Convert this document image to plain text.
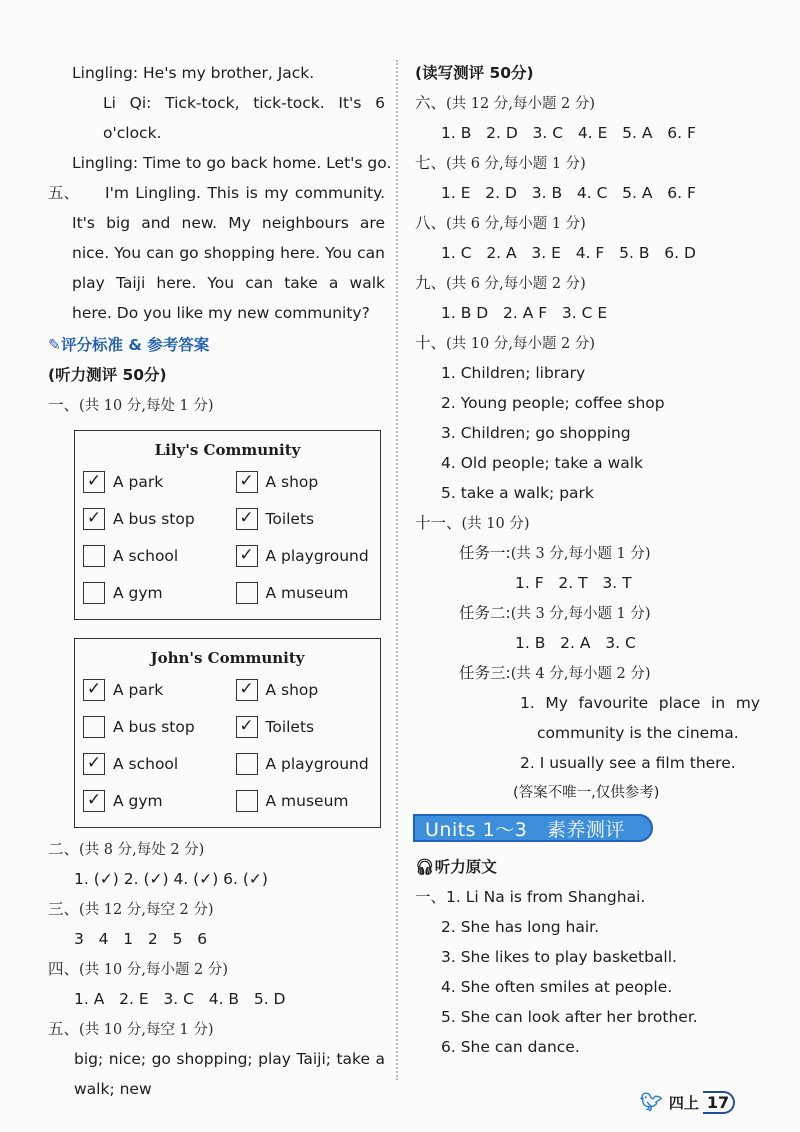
Lingling: He's my brother, Jack.
Li Qi: Tick-tock, tick-tock. It's 6 o'clock.
Lingling: Time to go back home. Let's go.
五、	I'm Lingling. This is my community. It's big and new. My neighbours are nice. You can go shopping here. You can play Taiji here. You can take a walk here. Do you like my new community?
✎评分标准 & 参考答案
(听力测评 50分)
一、(共 10 分,每处 1 分)
Lily's Community
✓ A park	✓ A shop
✓ A bus stop	✓ Toilets
A school	✓ A playground
A gym	A museum
John's Community
✓ A park	✓ A shop
A bus stop	✓ Toilets
✓ A school	A playground
✓ A gym	A museum
二、(共 8 分,每处 2 分)
1. (✓) 2. (✓) 4. (✓) 6. (✓)
三、(共 12 分,每空 2 分)
3   4   1   2   5   6
四、(共 10 分,每小题 2 分)
1. A   2. E   3. C   4. B   5. D
五、(共 10 分,每空 1 分)
big; nice; go shopping; play Taiji; take a walk; new
(读写测评 50分)
六、(共 12 分,每小题 2 分)
1. B   2. D   3. C   4. E   5. A   6. F
七、(共 6 分,每小题 1 分)
1. E   2. D   3. B   4. C   5. A   6. F
八、(共 6 分,每小题 1 分)
1. C   2. A   3. E   4. F   5. B   6. D
九、(共 6 分,每小题 2 分)
1. B D   2. A F   3. C E
十、(共 10 分,每小题 2 分)
1. Children; library
2. Young people; coffee shop
3. Children; go shopping
4. Old people; take a walk
5. take a walk; park
十一、(共 10 分)
任务一:(共 3 分,每小题 1 分)
1. F   2. T   3. T
任务二:(共 3 分,每小题 1 分)
1. B   2. A   3. C
任务三:(共 4 分,每小题 2 分)
1. My favourite place in my community is the cinema.
2. I usually see a film there.
(答案不唯一,仅供参考)
Units 1～3   素养测评
🎧︎听力原文
一、1. Li Na is from Shanghai.
2. She has long hair.
3. She likes to play basketball.
4. She often smiles at people.
5. She can look after her brother.
6. She can dance.
🐦︎ 四上 17
